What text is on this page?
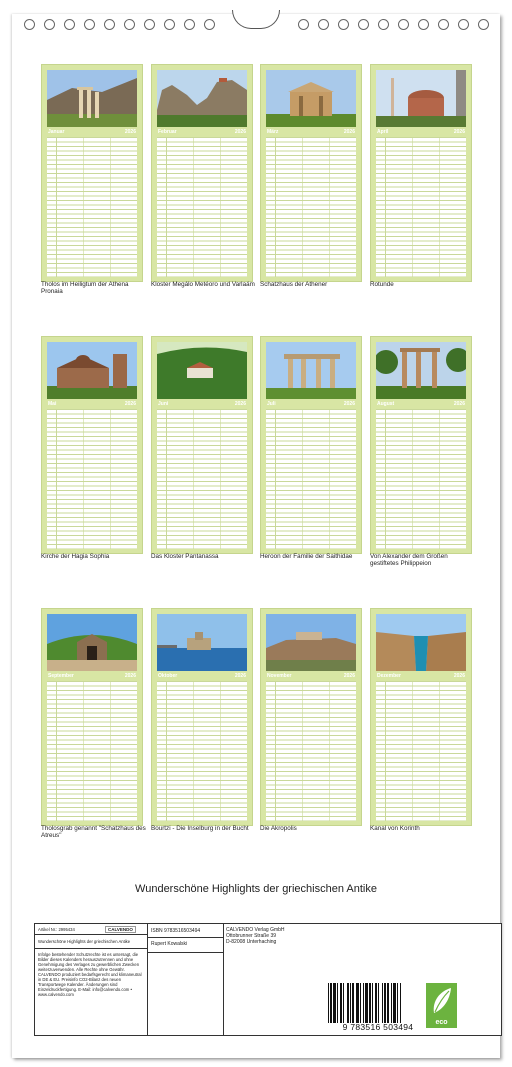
Januar	2026
Tholos im Heiligtum der Athena Pronaia
Februar	2026
Kloster Megálo Metéoro und Varlaám
März	2026
Schatzhaus der Athener
April	2026
Rotunde
Mai	2026
Kirche der Hagia Sophia
Juni	2026
Das Kloster Pantanassa
Juli	2026
Heroon der Familie der Saithidae
August	2026
Von Alexander dem Großen gestiftetes Philippeion
September	2026
Tholosgrab genannt "Schatzhaus des Atreus"
Oktober	2026
Bourtzi - Die Inselburg in der Bucht
November	2026
Die Akropolis
Dezember	2026
Kanal von Korinth
Wunderschöne Highlights der griechischen Antike
Artikel Nr.: 2995434	CALVENDO
Wunderschöne Highlights der griechischen Antike
Infolge bestehender Schutzrechte ist es untersagt, die Bilder dieses Kalenders herauszutrennen und ohne Genehmigung des Verlages zu gewerblichen Zwecken weiterzuverwenden. Alle Rechte ohne Gewähr. CALVENDO produziert bedarfsgerecht und klimaneutral in DE & EU. Preisinfo CO2-Bilanz des neuen Transportwege Kalender. Änderungen sind Einzeldruckfertigung. E-Mail: info@calvendo.com • www.calvendo.com
ISBN 9783516503494
Rupert Kowalski
CALVENDO Verlag GmbH
Ottobrunner Straße 39
D-82008 Unterhaching
9 783516 503494	eco
